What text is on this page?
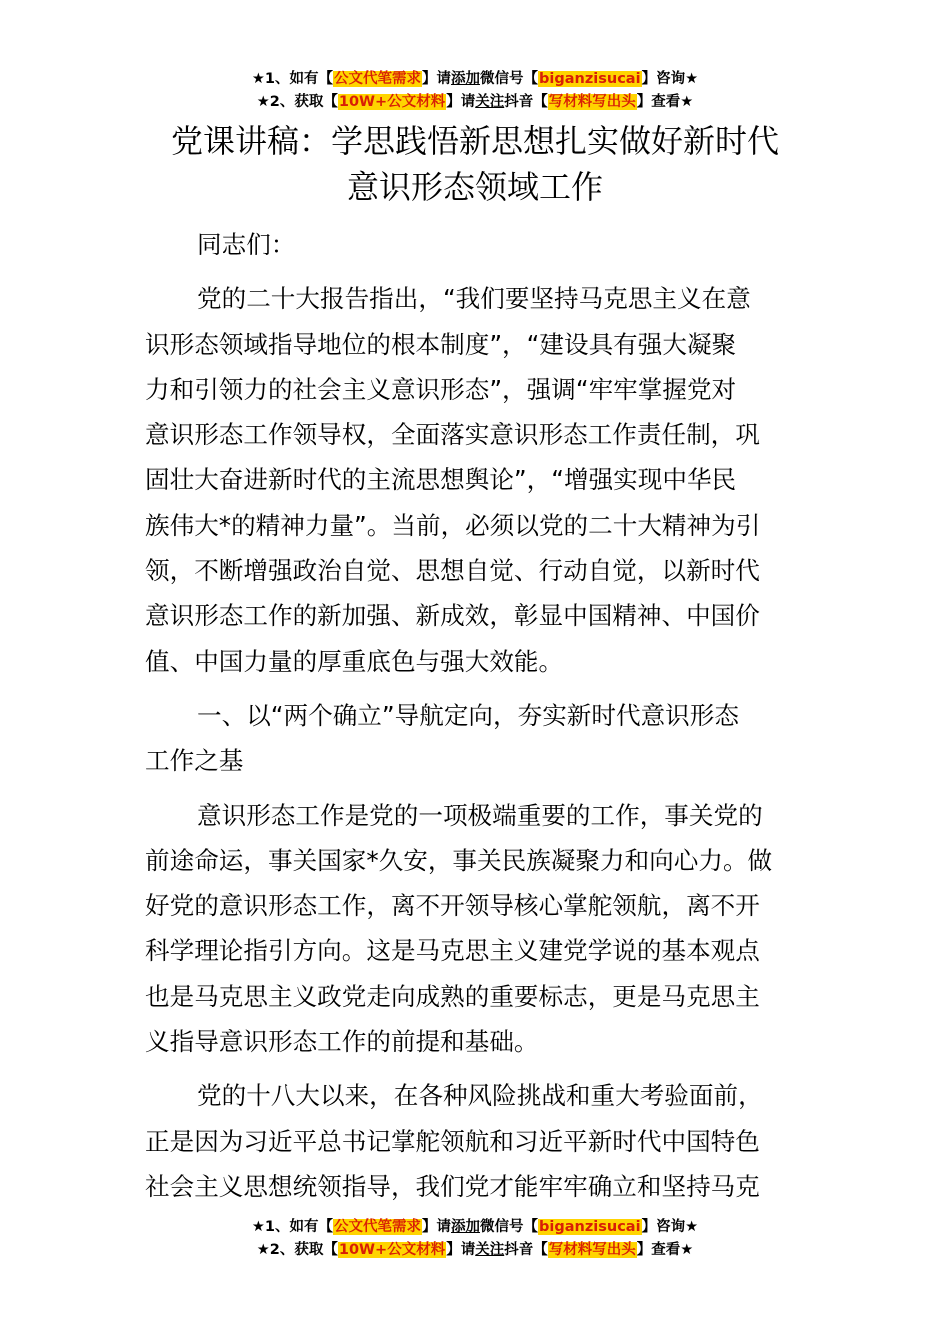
★1、如有【公文代笔需求】请添加微信号【biganzisucai】咨询★
★2、获取【10W+公文材料】请关注抖音【写材料写出头】查看★
党课讲稿：学思践悟新思想扎实做好新时代
意识形态领域工作
同志们：
党的二十大报告指出，“我们要坚持马克思主义在意
识形态领域指导地位的根本制度”，“建设具有强大凝聚
力和引领力的社会主义意识形态”，强调“牢牢掌握党对
意识形态工作领导权，全面落实意识形态工作责任制，巩
固壮大奋进新时代的主流思想舆论”，“增强实现中华民
族伟大*的精神力量”。当前，必须以党的二十大精神为引
领，不断增强政治自觉、思想自觉、行动自觉，以新时代
意识形态工作的新加强、新成效，彰显中国精神、中国价
值、中国力量的厚重底色与强大效能。
一、以“两个确立”导航定向，夯实新时代意识形态
工作之基
意识形态工作是党的一项极端重要的工作，事关党的
前途命运，事关国家*久安，事关民族凝聚力和向心力。做
好党的意识形态工作，离不开领导核心掌舵领航，离不开
科学理论指引方向。这是马克思主义建党学说的基本观点
也是马克思主义政党走向成熟的重要标志，更是马克思主
义指导意识形态工作的前提和基础。
党的十八大以来，在各种风险挑战和重大考验面前，
正是因为习近平总书记掌舵领航和习近平新时代中国特色
社会主义思想统领指导，我们党才能牢牢确立和坚持马克
★1、如有【公文代笔需求】请添加微信号【biganzisucai】咨询★
★2、获取【10W+公文材料】请关注抖音【写材料写出头】查看★
